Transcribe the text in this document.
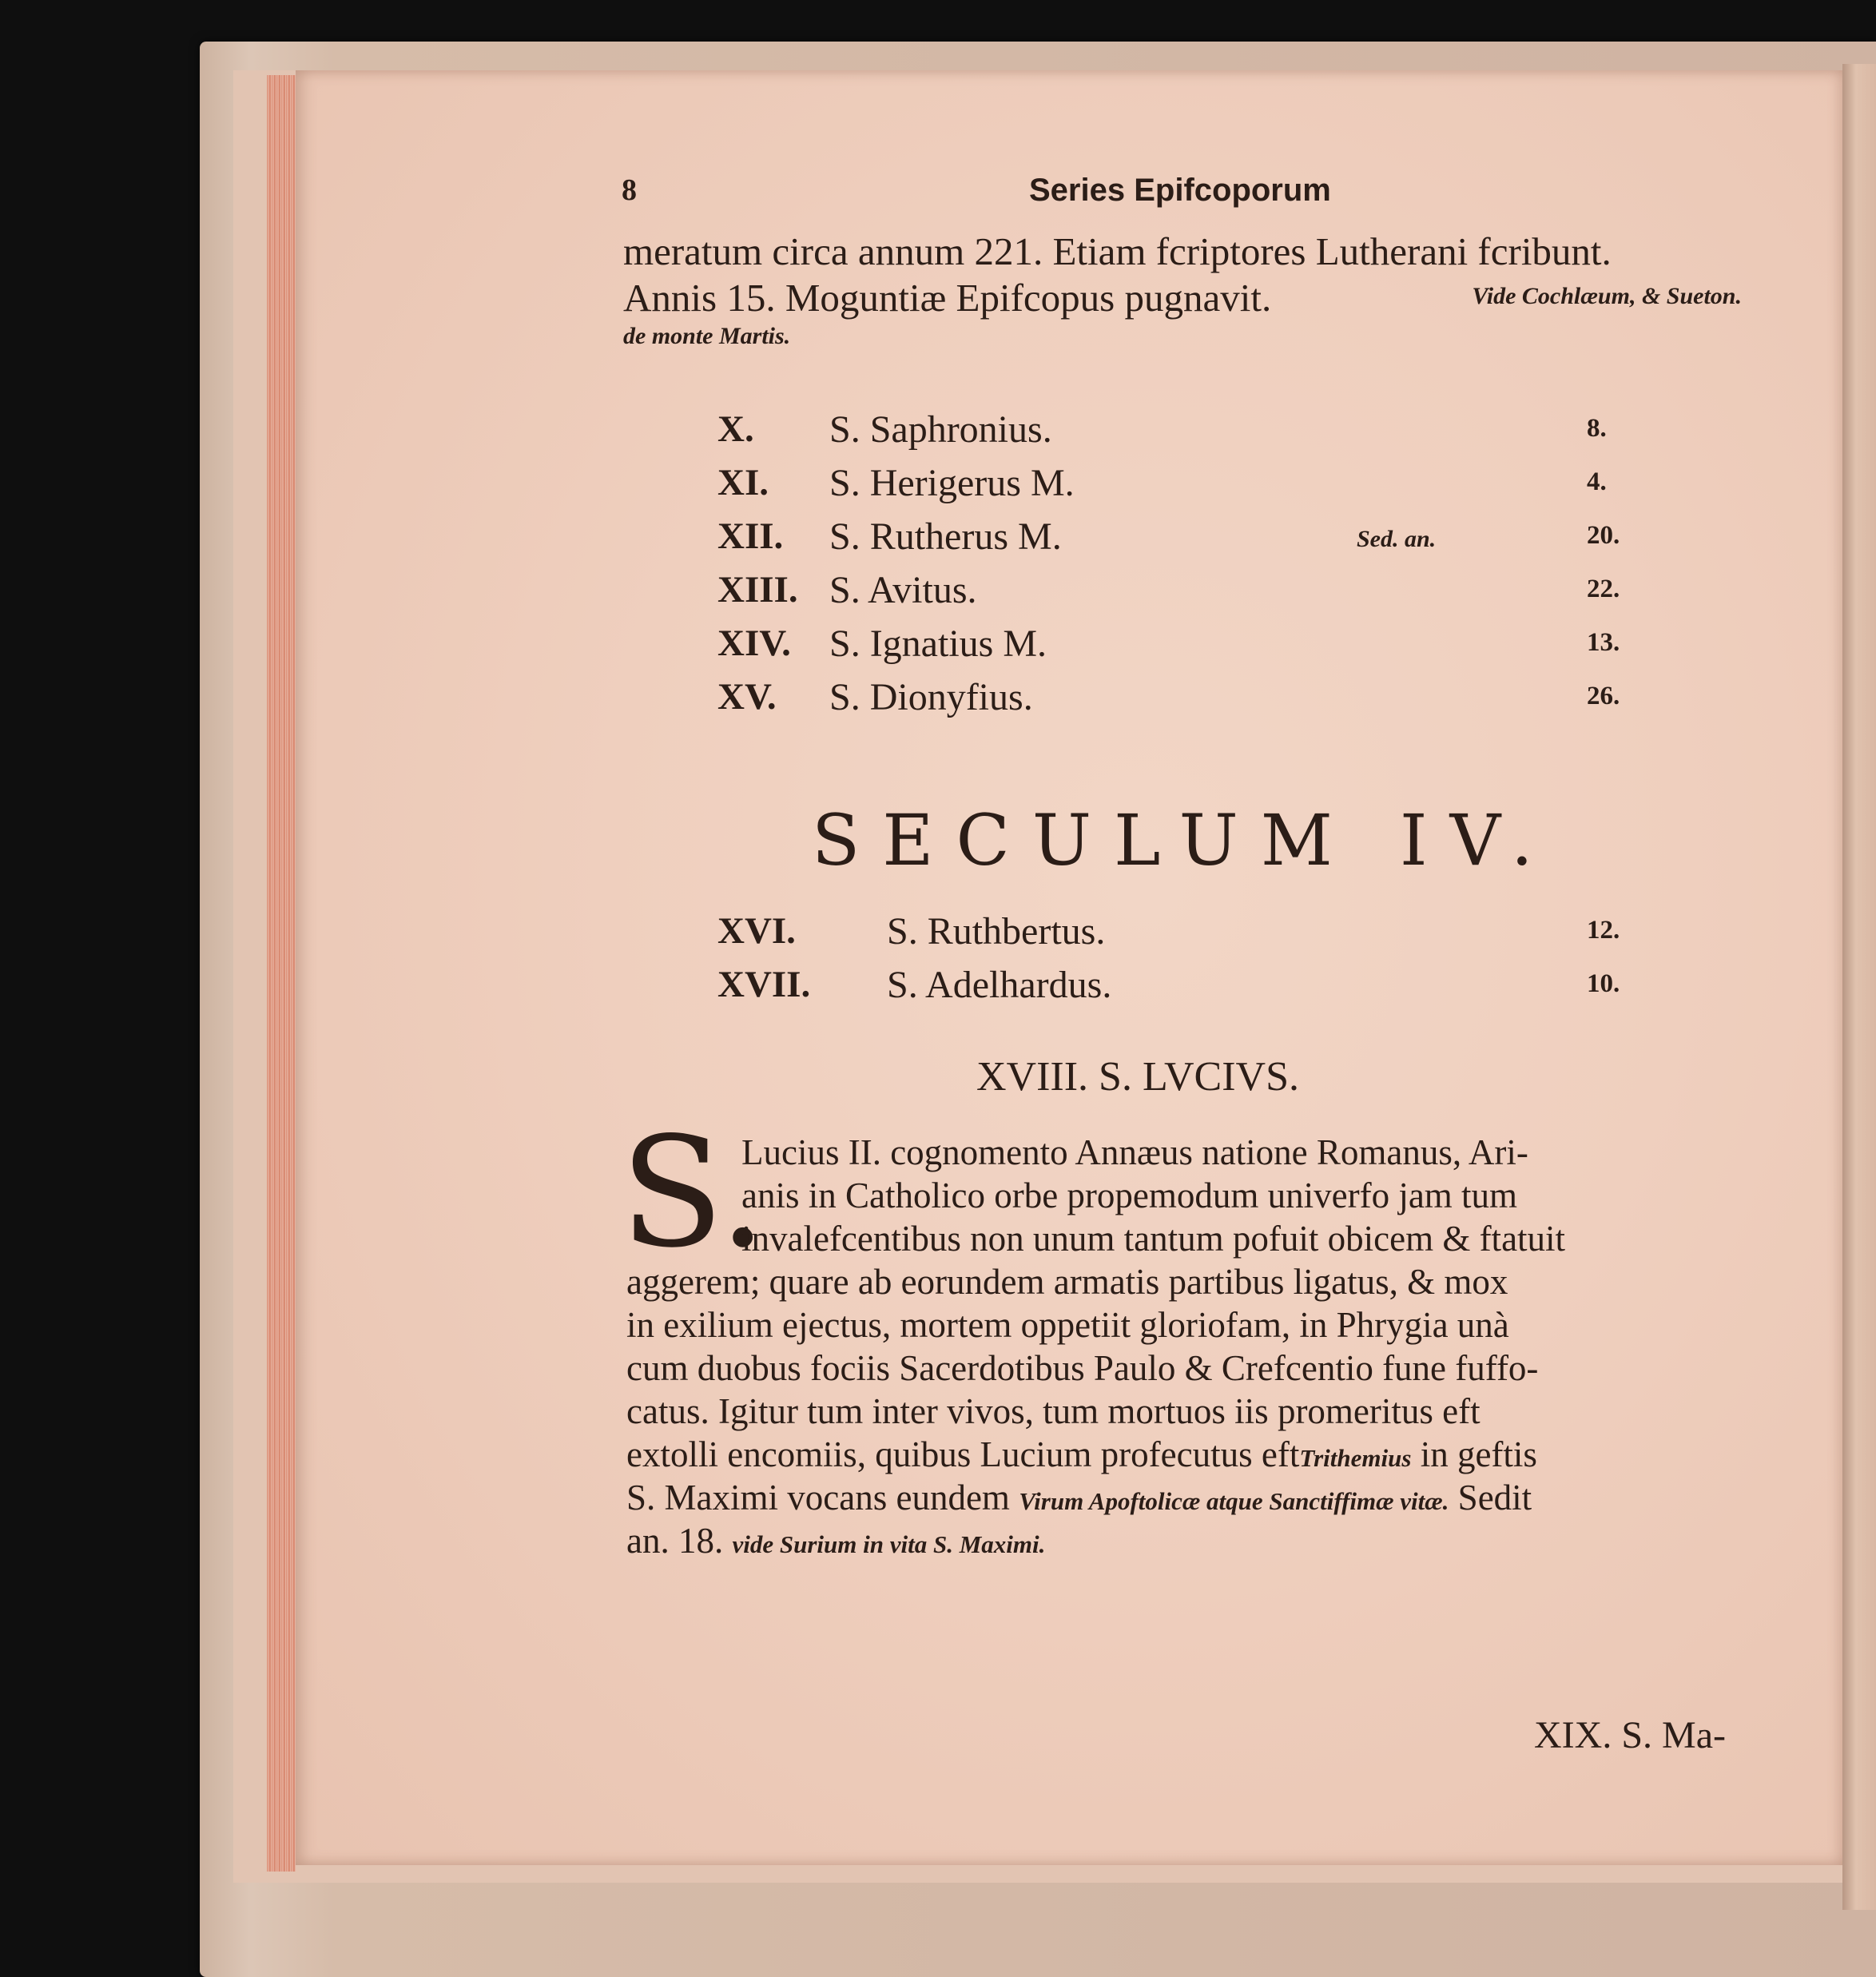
8	Series Epifcoporum
meratum circa annum 221. Etiam fcriptores Lutherani fcribunt.
Annis 15. Moguntiæ Epifcopus pugnavit.	Vide Cochlæum, & Sueton.
de monte Martis.
X. S. Saphronius.	8.
XI. S. Herigerus M.	4.
XII. S. Rutherus M.	Sed. an.	20.
XIII. S. Avitus.	22.
XIV. S. Ignatius M.	13.
XV. S. Dionyfius.	26.
SECULUM IV.
XVI. S. Ruthbertus.	12.
XVII. S. Adelhardus.	10.
XVIII. S. LVCIVS.
S.
Lucius II. cognomento Annæus natione Romanus, Ari-
anis in Catholico orbe propemodum univerfo jam tum
invalefcentibus non unum tantum pofuit obicem & ftatuit
aggerem; quare ab eorundem armatis partibus ligatus, & mox
in exilium ejectus, mortem oppetiit gloriofam, in Phrygia unà
cum duobus fociis Sacerdotibus Paulo & Crefcentio fune fuffo-
catus. Igitur tum inter vivos, tum mortuos iis promeritus eft
extolli encomiis, quibus Lucium profecutus eftTrithemius in geftis
S. Maximi vocans eundem Virum Apoftolicæ atque Sanctiffimæ vitæ. Sedit
an. 18. vide Surium in vita S. Maximi.
XIX. S. Ma-
